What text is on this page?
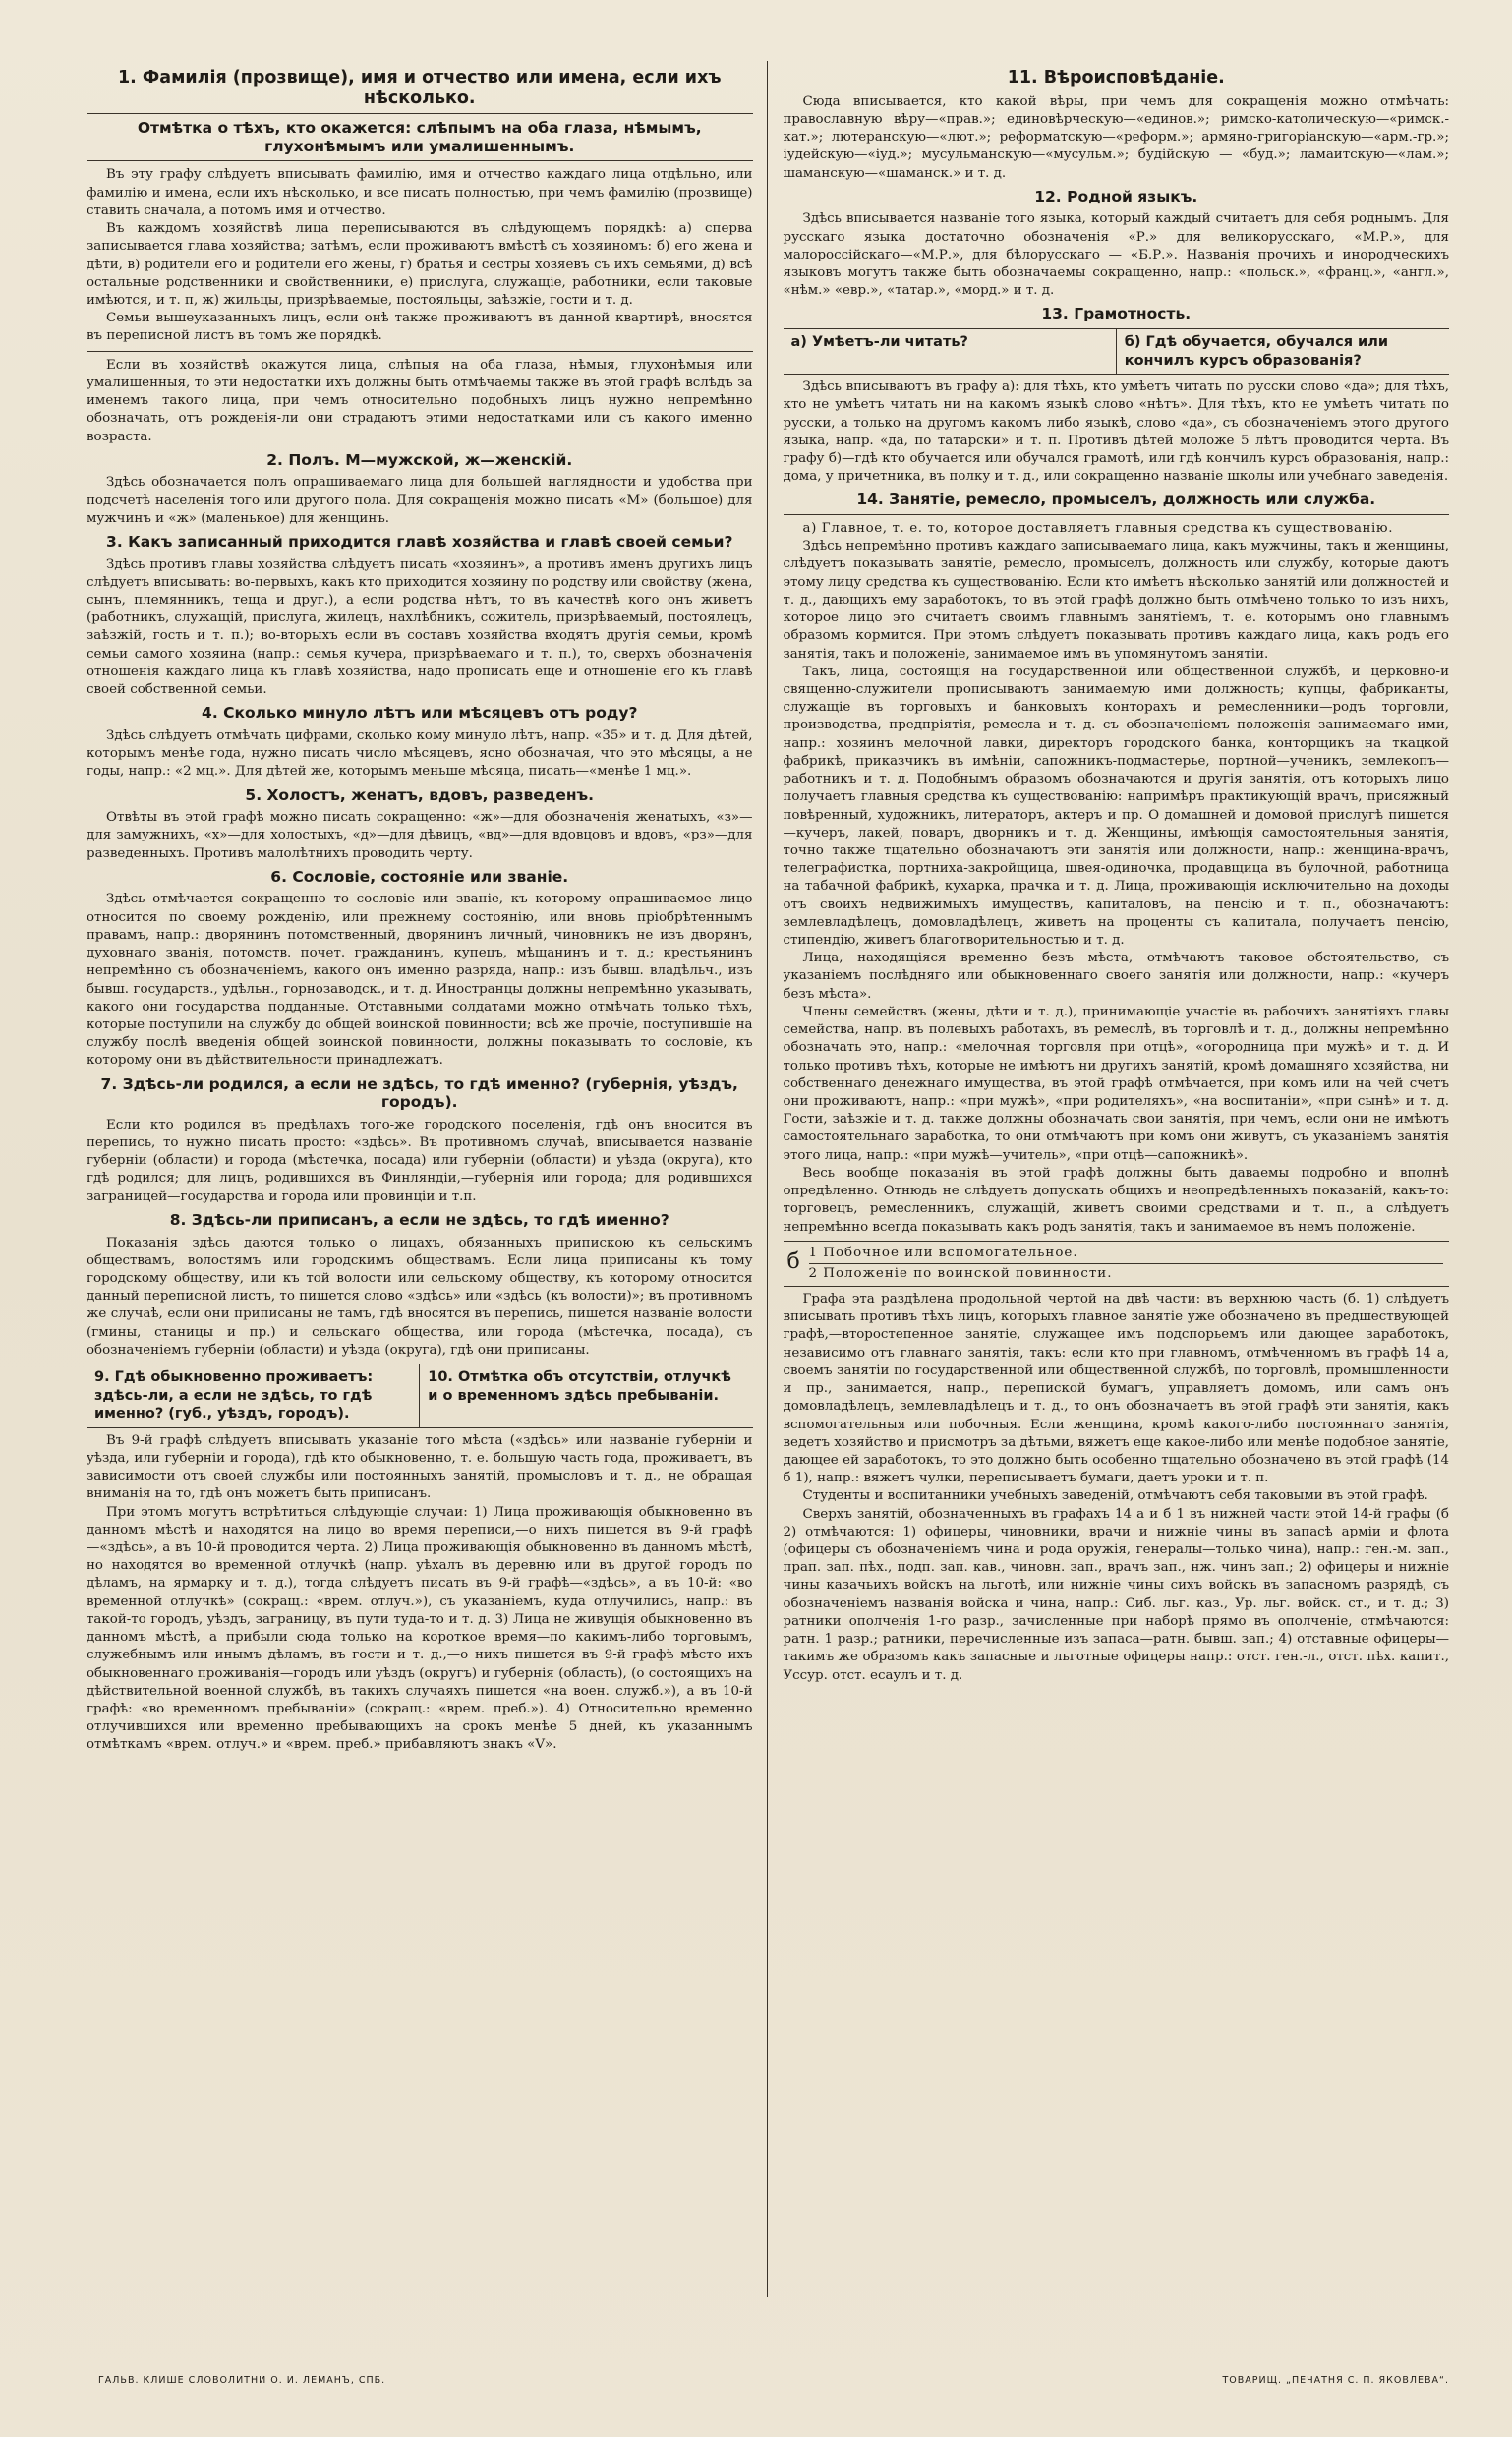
1. Фамилія (прозвище), имя и отчество или имена, если ихъ нѣсколько.
Отмѣтка о тѣхъ, кто окажется: слѣпымъ на оба глаза, нѣмымъ, глухонѣмымъ или умалишеннымъ.

Въ эту графу слѣдуетъ вписывать фамилію, имя и отчество каждаго лица отдѣльно, или фамилію и имена, если ихъ нѣсколько, и все писать полностью, при чемъ фамилію (прозвище) ставить сначала, а потомъ имя и отчество.

Въ каждомъ хозяйствѣ лица переписываются въ слѣдующемъ порядкѣ: а) сперва записывается глава хозяйства; затѣмъ, если проживаютъ вмѣстѣ съ хозяиномъ: б) его жена и дѣти, в) родители его и родители его жены, г) братья и сестры хозяевъ съ ихъ семьями, д) всѣ остальные родственники и свойственники, е) прислуга, служащіе, работники, если таковые имѣются, и т. п, ж) жильцы, призрѣваемые, постояльцы, заѣзжіе, гости и т. д.

Семьи вышеуказанныхъ лицъ, если онѣ также проживаютъ въ данной квартирѣ, вносятся въ переписной листъ въ томъ же порядкѣ.

Если въ хозяйствѣ окажутся лица, слѣпыя на оба глаза, нѣмыя, глухонѣмыя или умалишенныя, то эти недостатки ихъ должны быть отмѣчаемы также въ этой графѣ вслѣдъ за именемъ такого лица, при чемъ относительно подобныхъ лицъ нужно непремѣнно обозначать, отъ рожденія-ли они страдаютъ этими недостатками или съ какого именно возраста.

2. Полъ. М—мужской, ж—женскій.

Здѣсь обозначается полъ опрашиваемаго лица для большей наглядности и удобства при подсчетѣ населенія того или другого пола. Для сокращенія можно писать «М» (большое) для мужчинъ и «ж» (маленькое) для женщинъ.

3. Какъ записанный приходится главѣ хозяйства и главѣ своей семьи?

Здѣсь противъ главы хозяйства слѣдуетъ писать «хозяинъ», а противъ именъ другихъ лицъ слѣдуетъ вписывать: во-первыхъ, какъ кто приходится хозяину по родству или свойству (жена, сынъ, племянникъ, теща и друг.), а если родства нѣтъ, то въ качествѣ кого онъ живетъ (работникъ, служащій, прислуга, жилецъ, нахлѣбникъ, сожитель, призрѣваемый, постоялецъ, заѣзжій, гость и т. п.); во-вторыхъ если въ составъ хозяйства входятъ другія семьи, кромѣ семьи самого хозяина (напр.: семья кучера, призрѣваемаго и т. п.), то, сверхъ обозначенія отношенія каждаго лица къ главѣ хозяйства, надо прописать еще и отношеніе его къ главѣ своей собственной семьи.

4. Сколько минуло лѣтъ или мѣсяцевъ отъ роду?

Здѣсь слѣдуетъ отмѣчать цифрами, сколько кому минуло лѣтъ, напр. «35» и т. д. Для дѣтей, которымъ менѣе года, нужно писать число мѣсяцевъ, ясно обозначая, что это мѣсяцы, а не годы, напр.: «2 мц.». Для дѣтей же, которымъ меньше мѣсяца, писать—«менѣе 1 мц.».

5. Холостъ, женатъ, вдовъ, разведенъ.

Отвѣты въ этой графѣ можно писать сокращенно: «ж»—для обозначенія женатыхъ, «з»—для замужнихъ, «х»—для холостыхъ, «д»—для дѣвицъ, «вд»—для вдовцовъ и вдовъ, «рз»—для разведенныхъ. Противъ малолѣтнихъ проводить черту.

6. Сословіе, состояніе или званіе.

Здѣсь отмѣчается сокращенно то сословіе или званіе, къ которому опрашиваемое лицо относится по своему рожденію, или прежнему состоянію, или вновь пріобрѣтеннымъ правамъ, напр.: дворянинъ потомственный, дворянинъ личный, чиновникъ не изъ дворянъ, духовнаго званія, потомств. почет. гражданинъ, купецъ, мѣщанинъ и т. д.; крестьянинъ непремѣнно съ обозначеніемъ, какого онъ именно разряда, напр.: изъ бывш. владѣльч., изъ бывш. государств., удѣльн., горнозаводск., и т. д. Иностранцы должны непремѣнно указывать, какого они государства подданные. Отставными солдатами можно отмѣчать только тѣхъ, которые поступили на службу до общей воинской повинности; всѣ же прочіе, поступившіе на службу послѣ введенія общей воинской повинности, должны показывать то сословіе, къ которому они въ дѣйствительности принадлежатъ.

7. Здѣсь-ли родился, а если не здѣсь, то гдѣ именно? (губернія, уѣздъ, городъ).

Если кто родился въ предѣлахъ того-же городского поселенія, гдѣ онъ вносится въ перепись, то нужно писать просто: «здѣсь». Въ противномъ случаѣ, вписывается названіе губерніи (области) и города (мѣстечка, посада) или губерніи (области) и уѣзда (округа), кто гдѣ родился; для лицъ, родившихся въ Финляндіи,—губернія или города; для родившихся заграницей—государства и города или провинціи и т.п.

8. Здѣсь-ли приписанъ, а если не здѣсь, то гдѣ именно?

Показанія здѣсь даются только о лицахъ, обязанныхъ припискою къ сельскимъ обществамъ, волостямъ или городскимъ обществамъ. Если лица приписаны къ тому городскому обществу, или къ той волости или сельскому обществу, къ которому относится данный переписной листъ, то пишется слово «здѣсь» или «здѣсь (къ волости)»; въ противномъ же случаѣ, если они приписаны не тамъ, гдѣ вносятся въ перепись, пишется названіе волости (гмины, станицы и пр.) и сельскаго общества, или города (мѣстечка, посада), съ обозначеніемъ губерніи (области) и уѣзда (округа), гдѣ они приписаны.

9. Гдѣ обыкновенно проживаетъ: здѣсь-ли, а если не здѣсь, то гдѣ именно? (губ., уѣздъ, городъ).
10. Отмѣтка объ отсутствіи, отлучкѣ и о временномъ здѣсь пребываніи.

Въ 9-й графѣ слѣдуетъ вписывать указаніе того мѣста («здѣсь» или названіе губерніи и уѣзда, или губерніи и города), гдѣ кто обыкновенно, т. е. большую часть года, проживаетъ, въ зависимости отъ своей службы или постоянныхъ занятій, промысловъ и т. д., не обращая вниманія на то, гдѣ онъ можетъ быть приписанъ.

При этомъ могутъ встрѣтиться слѣдующіе случаи: 1) Лица проживающія обыкновенно въ данномъ мѣстѣ и находятся на лицо во время переписи,—о нихъ пишется въ 9-й графѣ—«здѣсь», а въ 10-й проводится черта. 2) Лица проживающія обыкновенно въ данномъ мѣстѣ, но находятся во временной отлучкѣ (напр. уѣхалъ въ деревню или въ другой городъ по дѣламъ, на ярмарку и т. д.), тогда слѣдуетъ писать въ 9-й графѣ—«здѣсь», а въ 10-й: «во временной отлучкѣ» (сокращ.: «врем. отлуч.»), съ указаніемъ, куда отлучились, напр.: въ такой-то городъ, уѣздъ, заграницу, въ пути туда-то и т. д. 3) Лица не живущія обыкновенно въ данномъ мѣстѣ, а прибыли сюда только на короткое время—по какимъ-либо торговымъ, служебнымъ или инымъ дѣламъ, въ гости и т. д.,—о нихъ пишется въ 9-й графѣ мѣсто ихъ обыкновеннаго проживанія—городъ или уѣздъ (округъ) и губернія (область), (о состоящихъ на дѣйствительной военной службѣ, въ такихъ случаяхъ пишется «на воен. служб.»), а въ 10-й графѣ: «во временномъ пребываніи» (сокращ.: «врем. преб.»). 4) Относительно временно отлучившихся или временно пребывающихъ на срокъ менѣе 5 дней, къ указаннымъ отмѣткамъ «врем. отлуч.» и «врем. преб.» прибавляютъ знакъ «V».

11. Вѣроисповѣданіе.

Сюда вписывается, кто какой вѣры, при чемъ для сокращенія можно отмѣчать: православную вѣру—«прав.»; единовѣрческую—«единов.»; римско-католическую—«римск.-кат.»; лютеранскую—«лют.»; реформатскую—«реформ.»; армяно-григоріанскую—«арм.-гр.»; іудейскую—«іуд.»; мусульманскую—«мусульм.»; будійскую — «буд.»; ламаитскую—«лам.»; шаманскую—«шаманск.» и т. д.

12. Родной языкъ.

Здѣсь вписывается названіе того языка, который каждый считаетъ для себя роднымъ. Для русскаго языка достаточно обозначенія «Р.» для великорусскаго, «М.Р.», для малороссійскаго—«М.Р.», для бѣлорусскаго — «Б.Р.». Названія прочихъ и инородческихъ языковъ могутъ также быть обозначаемы сокращенно, напр.: «польск.», «франц.», «англ.», «нѣм.» «евр.», «татар.», «морд.» и т. д.

13. Грамотность.
а) Умѣетъ-ли читать?	б) Гдѣ обучается, обучался или кончилъ курсъ образованія?

Здѣсь вписываютъ въ графу а): для тѣхъ, кто умѣетъ читать по русски слово «да»; для тѣхъ, кто не умѣетъ читать ни на какомъ языкѣ слово «нѣтъ». Для тѣхъ, кто не умѣетъ читать по русски, а только на другомъ какомъ либо языкѣ, слово «да», съ обозначеніемъ этого другого языка, напр. «да, по татарски» и т. п. Противъ дѣтей моложе 5 лѣтъ проводится черта. Въ графу б)—гдѣ кто обучается или обучался грамотѣ, или гдѣ кончилъ курсъ образованія, напр.: дома, у причетника, въ полку и т. д., или сокращенно названіе школы или учебнаго заведенія.

14. Занятіе, ремесло, промыселъ, должность или служба.

а) Главное, т. е. то, которое доставляетъ главныя средства къ существованію.

Здѣсь непремѣнно противъ каждаго записываемаго лица, какъ мужчины, такъ и женщины, слѣдуетъ показывать занятіе, ремесло, промыселъ, должность или службу, которые даютъ этому лицу средства къ существованію. Если кто имѣетъ нѣсколько занятій или должностей и т. д., дающихъ ему заработокъ, то въ этой графѣ должно быть отмѣчено только то изъ нихъ, которое лицо это считаетъ своимъ главнымъ занятіемъ, т. е. которымъ оно главнымъ образомъ кормится. При этомъ слѣдуетъ показывать противъ каждаго лица, какъ родъ его занятія, такъ и положеніе, занимаемое имъ въ упомянутомъ занятіи.

Такъ, лица, состоящія на государственной или общественной службѣ, и церковно-и священно-служители прописываютъ занимаемую ими должность; купцы, фабриканты, служащіе въ торговыхъ и банковыхъ конторахъ и ремесленники—родъ торговли, производства, предпріятія, ремесла и т. д. съ обозначеніемъ положенія занимаемаго ими, напр.: хозяинъ мелочной лавки, директоръ городского банка, конторщикъ на ткацкой фабрикѣ, приказчикъ въ имѣніи, сапожникъ-подмастерье, портной—ученикъ, землекопъ—работникъ и т. д. Подобнымъ образомъ обозначаются и другія занятія, отъ которыхъ лицо получаетъ главныя средства къ существованію: напримѣръ практикующій врачъ, присяжный повѣренный, художникъ, литераторъ, актеръ и пр. О домашней и домовой прислугѣ пишется—кучеръ, лакей, поваръ, дворникъ и т. д. Женщины, имѣющія самостоятельныя занятія, точно также тщательно обозначаютъ эти занятія или должности, напр.: женщина-врачъ, телеграфистка, портниха-закройщица, швея-одиночка, продавщица въ булочной, работница на табачной фабрикѣ, кухарка, прачка и т. д. Лица, проживающія исключительно на доходы отъ своихъ недвижимыхъ имуществъ, капиталовъ, на пенсію и т. п., обозначаютъ: землевладѣлецъ, домовладѣлецъ, живетъ на проценты съ капитала, получаетъ пенсію, стипендію, живетъ благотворительностью и т. д.

Лица, находящіяся временно безъ мѣста, отмѣчаютъ таковое обстоятельство, съ указаніемъ послѣдняго или обыкновеннаго своего занятія или должности, напр.: «кучеръ безъ мѣста».

Члены семействъ (жены, дѣти и т. д.), принимающіе участіе въ рабочихъ занятіяхъ главы семейства, напр. въ полевыхъ работахъ, въ ремеслѣ, въ торговлѣ и т. д., должны непремѣнно обозначать это, напр.: «мелочная торговля при отцѣ», «огородница при мужѣ» и т. д. И только противъ тѣхъ, которые не имѣютъ ни другихъ занятій, кромѣ домашняго хозяйства, ни собственнаго денежнаго имущества, въ этой графѣ отмѣчается, при комъ или на чей счетъ они проживаютъ, напр.: «при мужѣ», «при родителяхъ», «на воспитаніи», «при сынѣ» и т. д. Гости, заѣзжіе и т. д. также должны обозначать свои занятія, при чемъ, если они не имѣютъ самостоятельнаго заработка, то они отмѣчаютъ при комъ они живутъ, съ указаніемъ занятія этого лица, напр.: «при мужѣ—учитель», «при отцѣ—сапожникѣ».

Весь вообще показанія въ этой графѣ должны быть даваемы подробно и вполнѣ опредѣленно. Отнюдь не слѣдуетъ допускать общихъ и неопредѣленныхъ показаній, какъ-то: торговецъ, ремесленникъ, служащій, живетъ своими средствами и т. п., а слѣдуетъ непремѣнно всегда показывать какъ родъ занятія, такъ и занимаемое въ немъ положеніе.

б 1 Побочное или вспомогательное.
2 Положеніе по воинской повинности.

Графа эта раздѣлена продольной чертой на двѣ части: въ верхнюю часть (б. 1) слѣдуетъ вписывать противъ тѣхъ лицъ, которыхъ главное занятіе уже обозначено въ предшествующей графѣ,—второстепенное занятіе, служащее имъ подспорьемъ или дающее заработокъ, независимо отъ главнаго занятія, такъ: если кто при главномъ, отмѣченномъ въ графѣ 14 а, своемъ занятіи по государственной или общественной службѣ, по торговлѣ, промышленности и пр., занимается, напр., перепиской бумагъ, управляетъ домомъ, или самъ онъ домовладѣлецъ, землевладѣлецъ и т. д., то онъ обозначаетъ въ этой графѣ эти занятія, какъ вспомогательныя или побочныя. Если женщина, кромѣ какого-либо постояннаго занятія, ведетъ хозяйство и присмотръ за дѣтьми, вяжетъ еще какое-либо или менѣе подобное занятіе, дающее ей заработокъ, то это должно быть особенно тщательно обозначено въ этой графѣ (14 б 1), напр.: вяжетъ чулки, переписываетъ бумаги, даетъ уроки и т. п.

Студенты и воспитанники учебныхъ заведеній, отмѣчаютъ себя таковыми въ этой графѣ.

Сверхъ занятій, обозначенныхъ въ графахъ 14 а и б 1 въ нижней части этой 14-й графы (б 2) отмѣчаются: 1) офицеры, чиновники, врачи и нижніе чины въ запасѣ арміи и флота (офицеры съ обозначеніемъ чина и рода оружія, генералы—только чина), напр.: ген.-м. зап., прап. зап. пѣх., подп. зап. кав., чиновн. зап., врачъ зап., нж. чинъ зап.; 2) офицеры и нижніе чины казачьихъ войскъ на льготѣ, или нижніе чины сихъ войскъ въ запасномъ разрядѣ, съ обозначеніемъ названія войска и чина, напр.: Сиб. льг. каз., Ур. льг. войск. ст., и т. д.; 3) ратники ополченія 1-го разр., зачисленные при наборѣ прямо въ ополченіе, отмѣчаются: ратн. 1 разр.; ратники, перечисленные изъ запаса—ратн. бывш. зап.; 4) отставные офицеры—такимъ же образомъ какъ запасные и льготные офицеры напр.: отст. ген.-л., отст. пѣх. капит., Уссур. отст. есаулъ и т. д.

ГАЛЬВ. КЛИШЕ СЛОВОЛИТНИ О. И. ЛЕМАНЪ, СПБ.	ТОВАРИЩ. „ПЕЧАТНЯ С. П. ЯКОВЛЕВА“.
